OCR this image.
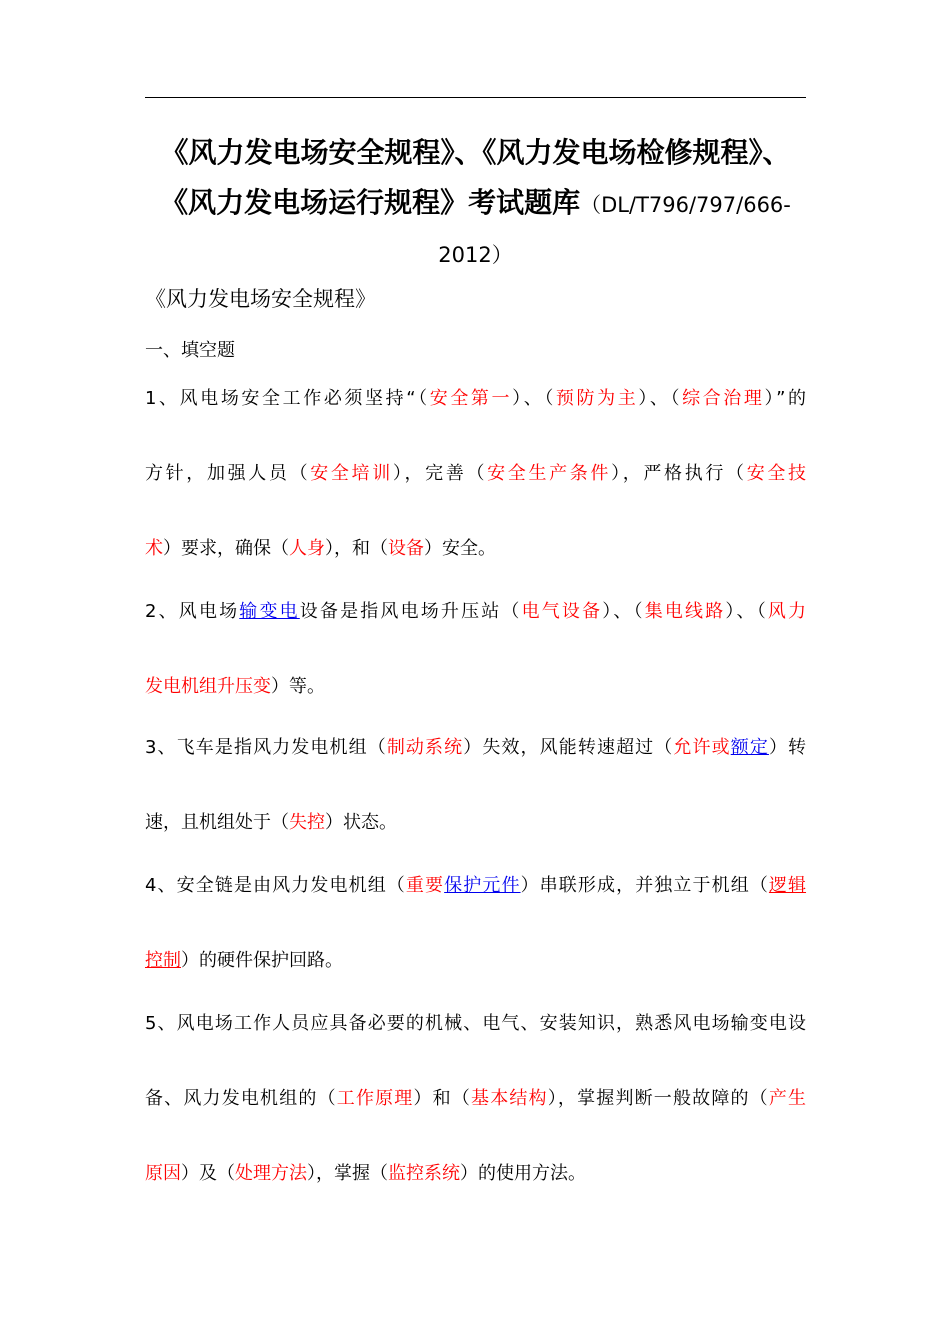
《风力发电场安全规程》、《风力发电场检修规程》、
《风力发电场运行规程》考试题库（DL/T796/797/666-
2012）
《风力发电场安全规程》
一、填空题
1、风电场安全工作必须坚持“（安全第一）、（预防为主）、（综合治理）”的
方针，加强人员（安全培训），完善（安全生产条件），严格执行（安全技
术）要求，确保（人身），和（设备）安全。
2、风电场输变电设备是指风电场升压站（电气设备）、（集电线路）、（风力
发电机组升压变）等。
3、飞车是指风力发电机组（制动系统）失效，风能转速超过（允许或额定）转
速，且机组处于（失控）状态。
4、安全链是由风力发电机组（重要保护元件）串联形成，并独立于机组（逻辑
控制）的硬件保护回路。
5、风电场工作人员应具备必要的机械、电气、安装知识，熟悉风电场输变电设
备、风力发电机组的（工作原理）和（基本结构），掌握判断一般故障的（产生
原因）及（处理方法），掌握（监控系统）的使用方法。
